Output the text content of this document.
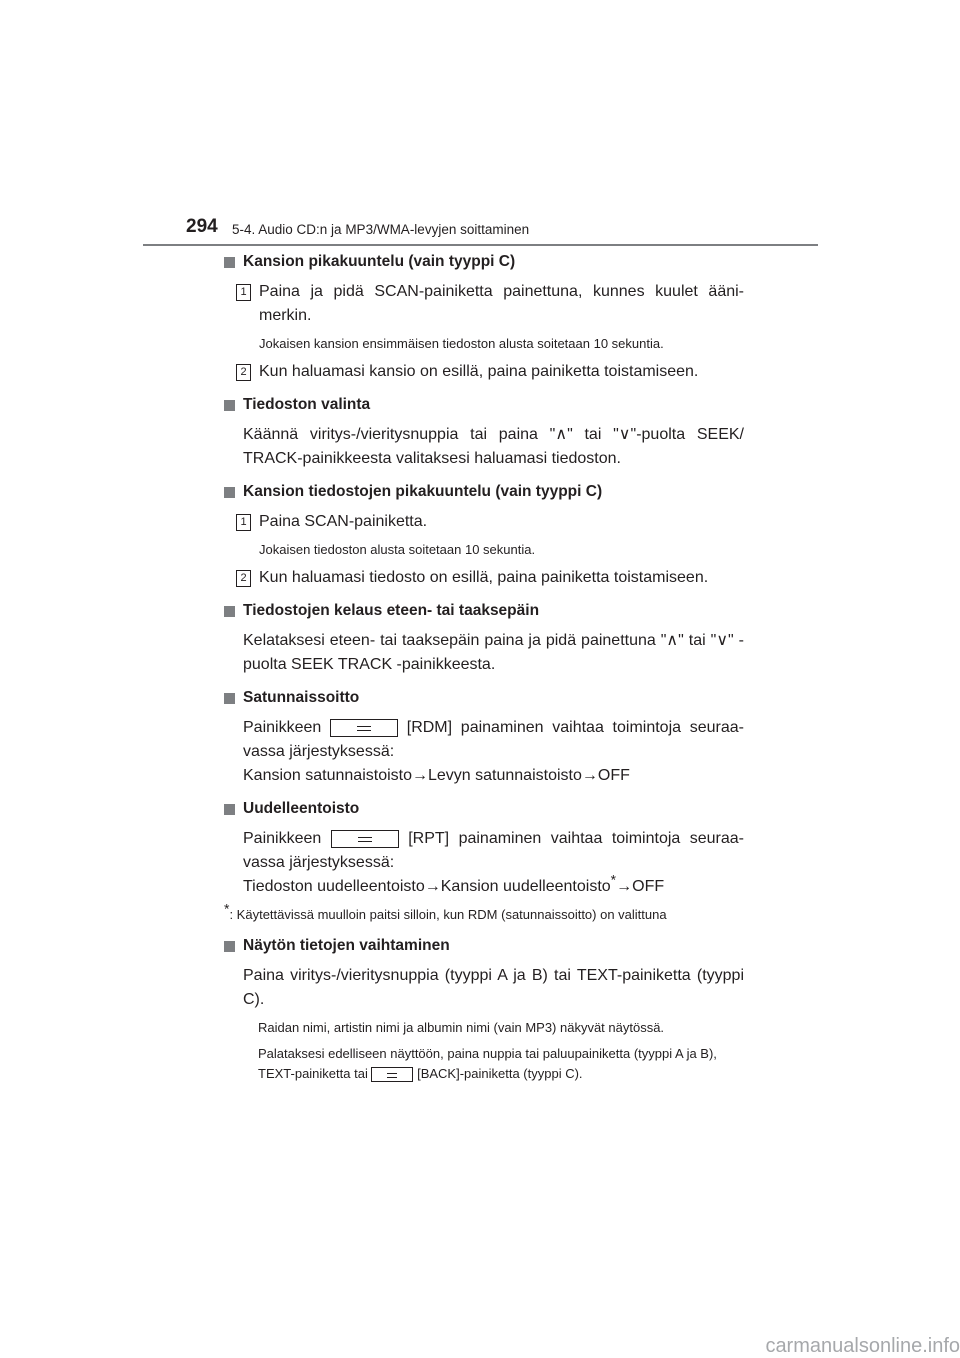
294 5-4. Audio CD:n ja MP3/WMA-levyjen soittaminen

Kansion pikakuuntelu (vain tyyppi C)

1 Paina ja pidä SCAN-painiketta painettuna, kunnes kuulet ääni-merkin.

Jokaisen kansion ensimmäisen tiedoston alusta soitetaan 10 sekuntia.

2 Kun haluamasi kansio on esillä, paina painiketta toistamiseen.

Tiedoston valinta

Käännä viritys-/vieritysnuppia tai paina "∧" tai "∨"-puolta SEEK/ TRACK-painikkeesta valitaksesi haluamasi tiedoston.

Kansion tiedostojen pikakuuntelu (vain tyyppi C)

1 Paina SCAN-painiketta.

Jokaisen tiedoston alusta soitetaan 10 sekuntia.

2 Kun haluamasi tiedosto on esillä, paina painiketta toistamiseen.

Tiedostojen kelaus eteen- tai taaksepäin

Kelataksesi eteen- tai taaksepäin paina ja pidä painettuna "∧" tai "∨" -puolta SEEK TRACK -painikkeesta.

Satunnaissoitto

Painikkeen	[RDM] painaminen vaihtaa toimintoja seuraa-vassa järjestyksessä:

Kansion satunnaistoisto→Levyn satunnaistoisto→OFF

Uudelleentoisto

Painikkeen	[RPT] painaminen vaihtaa toimintoja seuraa-vassa järjestyksessä:

Tiedoston uudelleentoisto→Kansion uudelleentoisto*→OFF

*: Käytettävissä muulloin paitsi silloin, kun RDM (satunnaissoitto) on valittuna

Näytön tietojen vaihtaminen

Paina viritys-/vieritysnuppia (tyyppi A ja B) tai TEXT-painiketta (tyyppi C).

Raidan nimi, artistin nimi ja albumin nimi (vain MP3) näkyvät näytössä.

Palataksesi edelliseen näyttöön, paina nuppia tai paluupainiketta (tyyppi A ja B), TEXT-painiketta tai	[BACK]-painiketta (tyyppi C).

carmanualsonline.info
